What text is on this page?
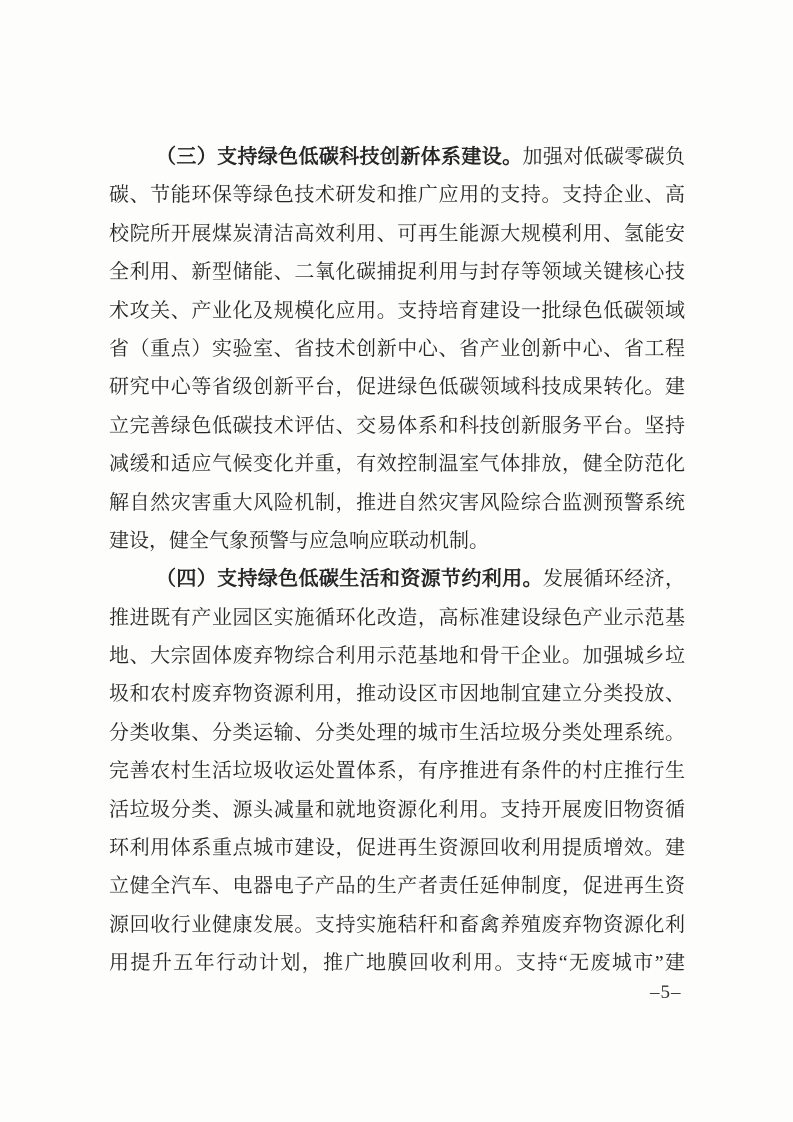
（三）支持绿色低碳科技创新体系建设。加强对低碳零碳负
碳、节能环保等绿色技术研发和推广应用的支持。支持企业、高
校院所开展煤炭清洁高效利用、可再生能源大规模利用、氢能安
全利用、新型储能、二氧化碳捕捉利用与封存等领域关键核心技
术攻关、产业化及规模化应用。支持培育建设一批绿色低碳领域
省（重点）实验室、省技术创新中心、省产业创新中心、省工程
研究中心等省级创新平台，促进绿色低碳领域科技成果转化。建
立完善绿色低碳技术评估、交易体系和科技创新服务平台。坚持
减缓和适应气候变化并重，有效控制温室气体排放，健全防范化
解自然灾害重大风险机制，推进自然灾害风险综合监测预警系统
建设，健全气象预警与应急响应联动机制。
（四）支持绿色低碳生活和资源节约利用。发展循环经济，
推进既有产业园区实施循环化改造，高标准建设绿色产业示范基
地、大宗固体废弃物综合利用示范基地和骨干企业。加强城乡垃
圾和农村废弃物资源利用，推动设区市因地制宜建立分类投放、
分类收集、分类运输、分类处理的城市生活垃圾分类处理系统。
完善农村生活垃圾收运处置体系，有序推进有条件的村庄推行生
活垃圾分类、源头减量和就地资源化利用。支持开展废旧物资循
环利用体系重点城市建设，促进再生资源回收利用提质增效。建
立健全汽车、电器电子产品的生产者责任延伸制度，促进再生资
源回收行业健康发展。支持实施秸秆和畜禽养殖废弃物资源化利
用提升五年行动计划，推广地膜回收利用。支持“无废城市”建
–5–
